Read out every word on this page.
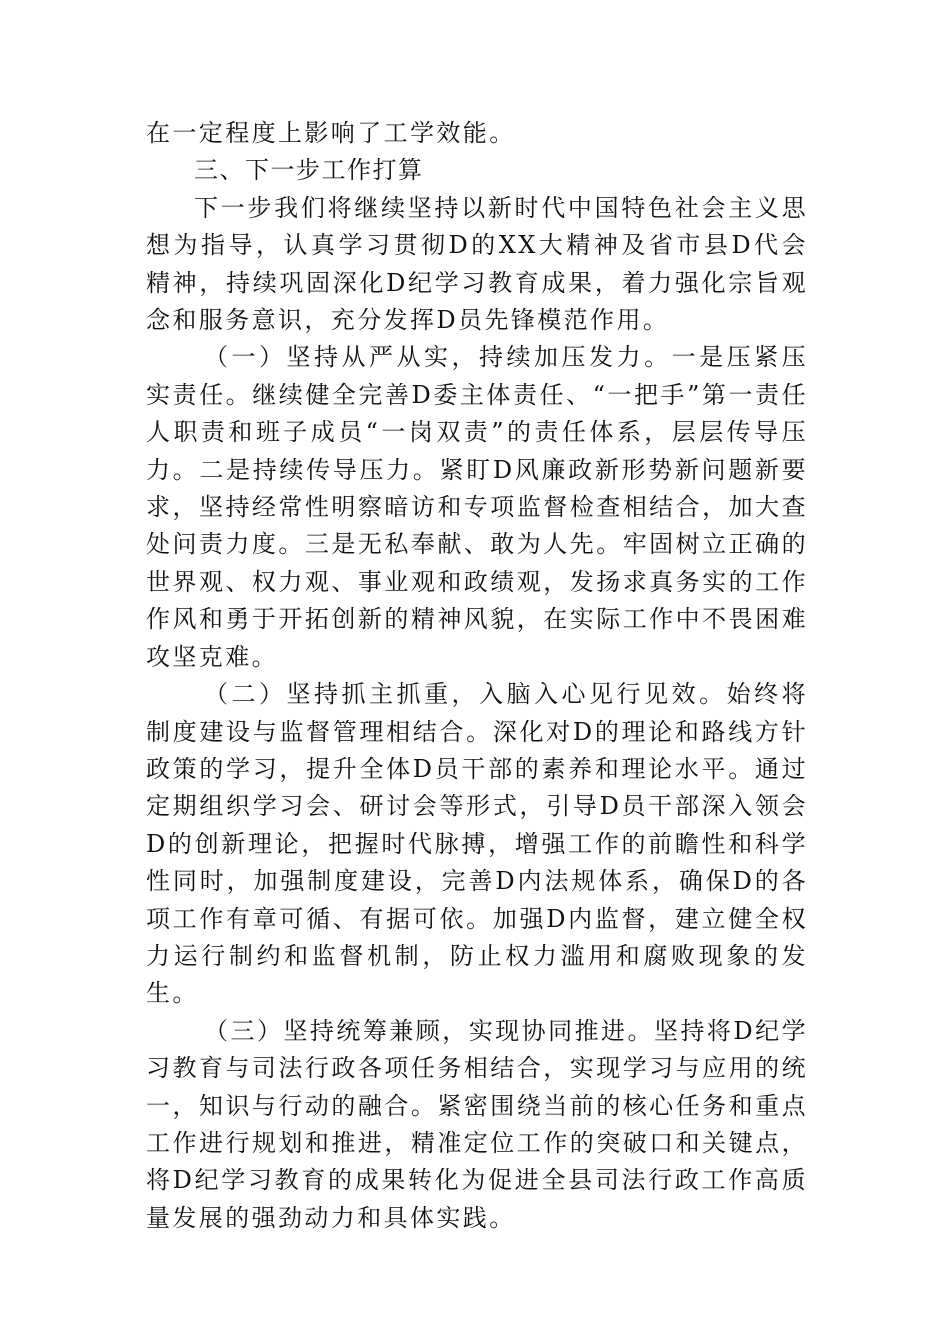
在一定程度上影响了工学效能。

三、下一步工作打算

下一步我们将继续坚持以新时代中国特色社会主义思想为指导，认真学习贯彻D的XX大精神及省市县D代会精神，持续巩固深化D纪学习教育成果，着力强化宗旨观念和服务意识，充分发挥D员先锋模范作用。

（一）坚持从严从实，持续加压发力。一是压紧压实责任。继续健全完善D委主体责任、“一把手”第一责任人职责和班子成员“一岗双责”的责任体系，层层传导压力。二是持续传导压力。紧盯D风廉政新形势新问题新要求，坚持经常性明察暗访和专项监督检查相结合，加大查处问责力度。三是无私奉献、敢为人先。牢固树立正确的世界观、权力观、事业观和政绩观，发扬求真务实的工作作风和勇于开拓创新的精神风貌，在实际工作中不畏困难攻坚克难。

（二）坚持抓主抓重，入脑入心见行见效。始终将制度建设与监督管理相结合。深化对D的理论和路线方针政策的学习，提升全体D员干部的素养和理论水平。通过定期组织学习会、研讨会等形式，引导D员干部深入领会D的创新理论，把握时代脉搏，增强工作的前瞻性和科学性同时，加强制度建设，完善D内法规体系，确保D的各项工作有章可循、有据可依。加强D内监督，建立健全权力运行制约和监督机制，防止权力滥用和腐败现象的发生。

（三）坚持统筹兼顾，实现协同推进。坚持将D纪学习教育与司法行政各项任务相结合，实现学习与应用的统一，知识与行动的融合。紧密围绕当前的核心任务和重点工作进行规划和推进，精准定位工作的突破口和关键点，将D纪学习教育的成果转化为促进全县司法行政工作高质量发展的强劲动力和具体实践。
